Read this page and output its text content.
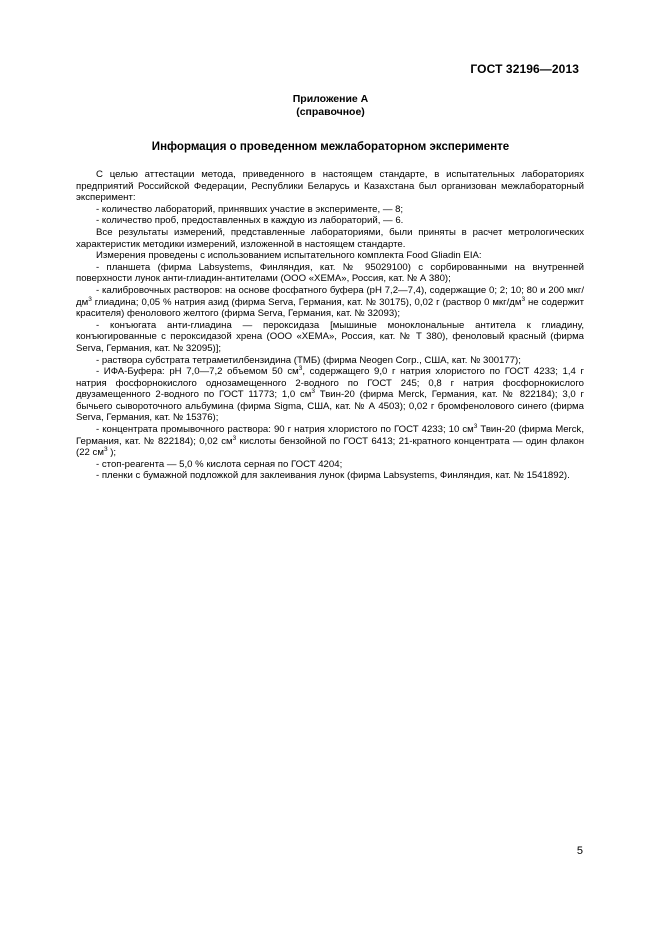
ГОСТ 32196—2013
Приложение А
(справочное)
Информация о проведенном межлабораторном эксперименте

С целью аттестации метода, приведенного в настоящем стандарте, в испытательных лабораториях предприятий Российской Федерации, Республики Беларусь и Казахстана был организован межлабораторный эксперимент:

- количество лабораторий, принявших участие в эксперименте, — 8;

- количество проб, предоставленных в каждую из лабораторий, — 6.

Все результаты измерений, представленные лабораториями, были приняты в расчет метрологических характеристик методики измерений, изложенной в настоящем стандарте.

Измерения проведены с использованием испытательного комплекта Food Gliadin EIA:

- планшета (фирма Labsystems, Финляндия, кат. № 95029100) с сорбированными на внутренней поверхности лунок анти-глиадин-антителами (ООО «ХЕМА», Россия, кат. № А 380);

- калибровочных растворов: на основе фосфатного буфера (рН 7,2—7,4), содержащие 0; 2; 10; 80 и 200 мкг/$дм^3$ глиадина; 0,05 % натрия азид (фирма Serva, Германия, кат. № 30175), 0,02 г (раствор 0 мкг/$дм^3$ не содержит красителя) фенолового желтого (фирма Serva, Германия, кат. № 32093);

- конъюгата анти-глиадина — пероксидаза [мышиные моноклональные антитела к глиадину, конъюгированные с пероксидазой хрена (ООО «ХЕМА», Россия, кат. № Т 380), феноловый красный (фирма Serva, Германия, кат. № 32095)];

- раствора субстрата тетраметилбензидина (ТМБ) (фирма Neogen Corp., США, кат. № 300177);

- ИФА-Буфера: рН 7,0—7,2 объемом 50 $см^3$, содержащего 9,0 г натрия хлористого по ГОСТ 4233; 1,4 г натрия фосфорнокислого однозамещенного 2-водного по ГОСТ 245; 0,8 г натрия фосфорнокислого двузамещенного 2-водного по ГОСТ 11773; 1,0 $см^3$ Твин-20 (фирма Merck, Германия, кат. № 822184); 3,0 г бычьего сывороточного альбумина (фирма Sigma, США, кат. № А 4503); 0,02 г бромфенолового синего (фирма Serva, Германия, кат. № 15376);

- концентрата промывочного раствора: 90 г натрия хлористого по ГОСТ 4233; 10 $см^3$ Твин-20 (фирма Merck, Германия, кат. № 822184); 0,02 $см^3$ кислоты бензойной по ГОСТ 6413; 21-кратного концентрата — один флакон (22 $см^3$ );

- стоп-реагента — 5,0 % кислота серная по ГОСТ 4204;

- пленки с бумажной подложкой для заклеивания лунок (фирма Labsystems, Финляндия, кат. № 1541892).

5
